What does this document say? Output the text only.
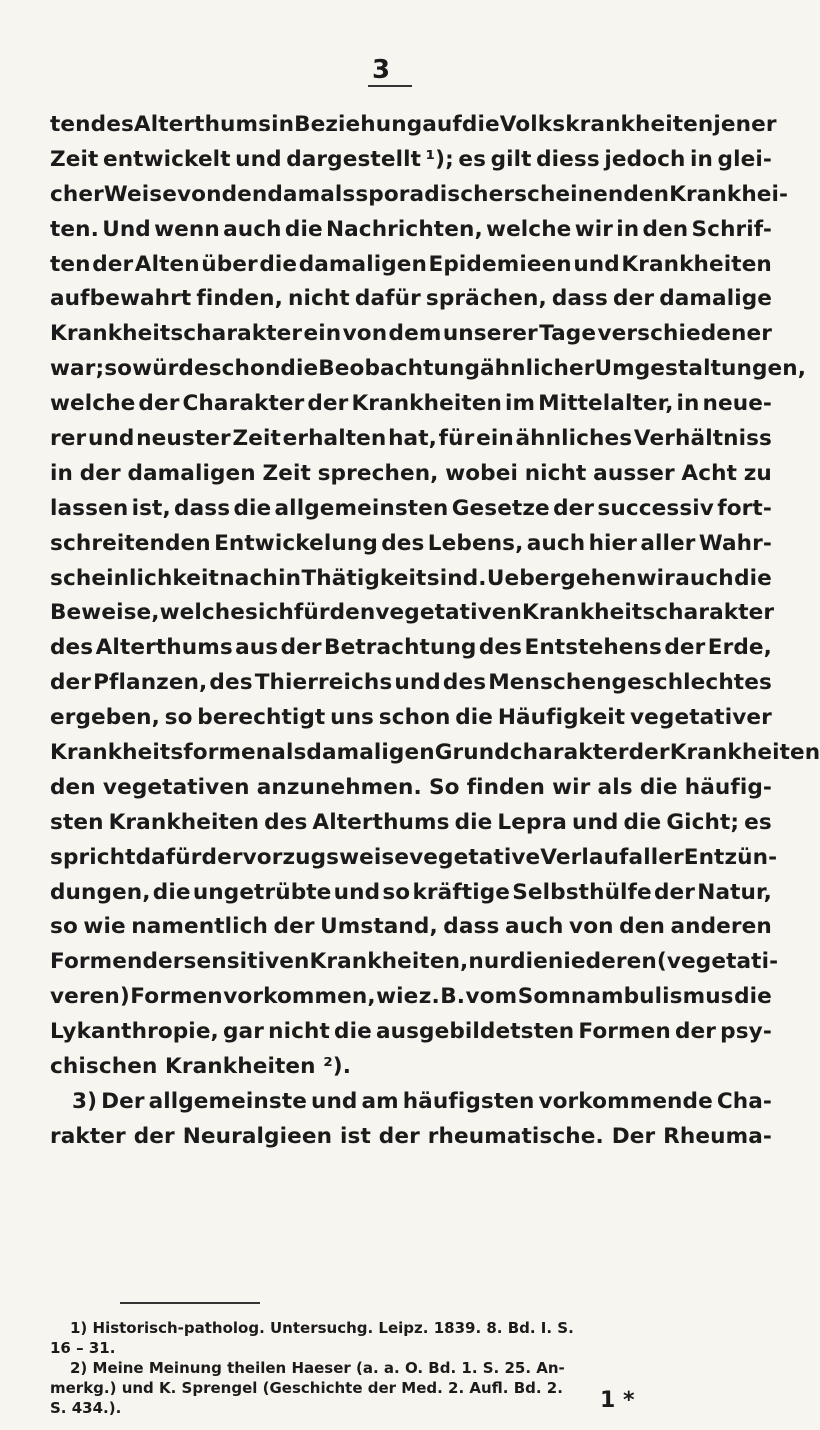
3
ten des Alterthums in Beziehung auf die Volkskrankheiten jener
Zeit entwickelt und dargestellt ¹); es gilt diess jedoch in glei-
cher Weise von den damals sporadisch erscheinenden Krankhei-
ten. Und wenn auch die Nachrichten, welche wir in den Schrif-
ten der Alten über die damaligen Epidemieen und Krankheiten
aufbewahrt finden, nicht dafür sprächen, dass der damalige
Krankheitscharakter ein von dem unserer Tage verschiedener
war; so würde schon die Beobachtung ähnlicher Umgestaltungen,
welche der Charakter der Krankheiten im Mittelalter, in neue-
rer und neuster Zeit erhalten hat, für ein ähnliches Verhältniss
in der damaligen Zeit sprechen, wobei nicht ausser Acht zu
lassen ist, dass die allgemeinsten Gesetze der successiv fort-
schreitenden Entwickelung des Lebens, auch hier aller Wahr-
scheinlichkeit nach in Thätigkeit sind. Uebergehen wir auch die
Beweise, welche sich für den vegetativen Krankheitscharakter
des Alterthums aus der Betrachtung des Entstehens der Erde,
der Pflanzen, des Thierreichs und des Menschengeschlechtes
ergeben, so berechtigt uns schon die Häufigkeit vegetativer
Krankheitsformen als damaligen Grundcharakter der Krankheiten
den vegetativen anzunehmen. So finden wir als die häufig-
sten Krankheiten des Alterthums die Lepra und die Gicht; es
spricht dafür der vorzugsweise vegetative Verlauf aller Entzün-
dungen, die ungetrübte und so kräftige Selbsthülfe der Natur,
so wie namentlich der Umstand, dass auch von den anderen
Formen der sensitiven Krankheiten, nur die niederen (vegetati-
veren) Formen vorkommen, wie z. B. vom Somnambulismus die
Lykanthropie, gar nicht die ausgebildetsten Formen der psy-
chischen Krankheiten ²).
3) Der allgemeinste und am häufigsten vorkommende Cha-
rakter der Neuralgieen ist der rheumatische. Der Rheuma-
1) Historisch-patholog. Untersuchg. Leipz. 1839. 8. Bd. I. S.
16 – 31.
2) Meine Meinung theilen Haeser (a. a. O. Bd. 1. S. 25. An-
merkg.) und K. Sprengel (Geschichte der Med. 2. Aufl. Bd. 2.
S. 434.).	1 *
